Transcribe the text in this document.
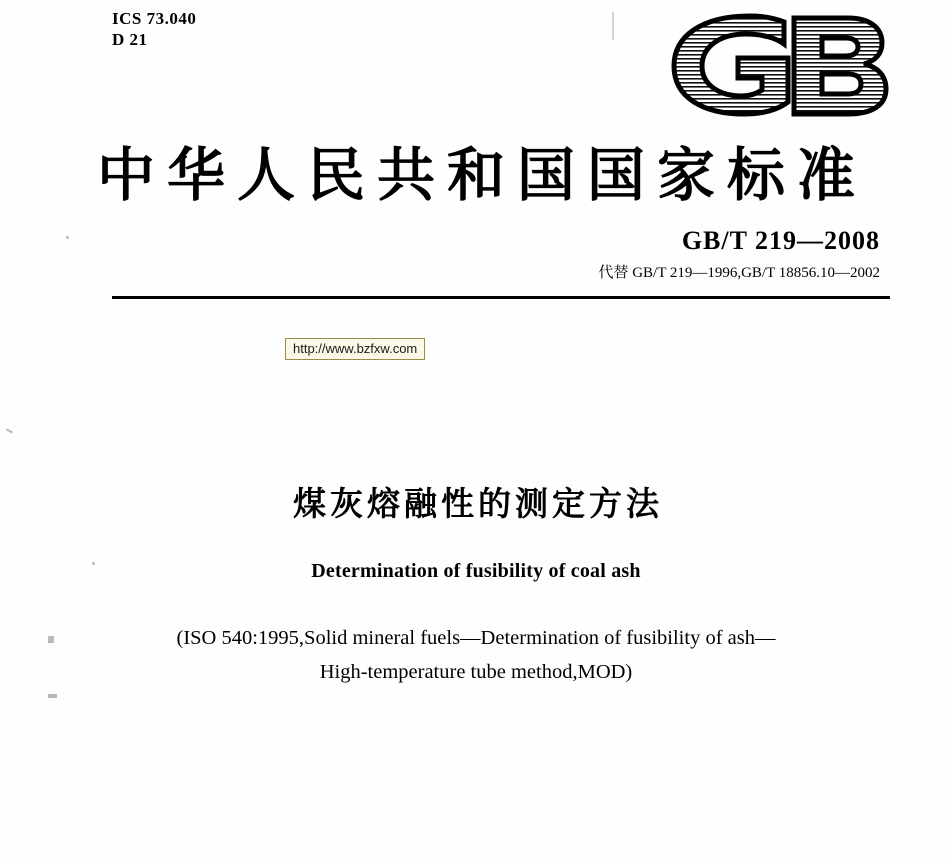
ICS 73.040
D 21
中华人民共和国国家标准
GB/T 219—2008
代替 GB/T 219—1996,GB/T 18856.10—2002
http://www.bzfxw.com
煤灰熔融性的测定方法
Determination of fusibility of coal ash
(ISO 540:1995,Solid mineral fuels—Determination of fusibility of ash—
High-temperature tube method,MOD)
